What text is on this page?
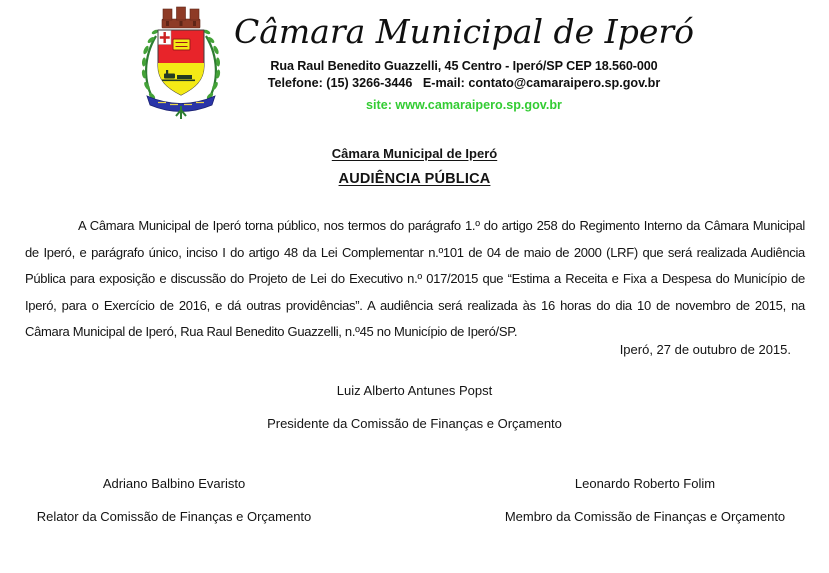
Câmara Municipal de Iperó
Rua Raul Benedito Guazzelli, 45 Centro - Iperó/SP CEP 18.560-000
Telefone: (15) 3266-3446   E-mail: contato@camaraipero.sp.gov.br
site: www.camaraipero.sp.gov.br
Câmara Municipal de Iperó
AUDIÊNCIA PÚBLICA
A Câmara Municipal de Iperó torna público, nos termos do parágrafo 1.º do artigo 258 do Regimento Interno da Câmara Municipal de Iperó, e parágrafo único, inciso I do artigo 48 da Lei Complementar n.º101 de 04 de maio de 2000 (LRF) que será realizada Audiência Pública para exposição e discussão do Projeto de Lei do Executivo n.º 017/2015 que “Estima a Receita e Fixa a Despesa do Município de Iperó, para o Exercício de 2016, e dá outras providências”. A audiência será realizada às 16 horas do dia 10 de novembro de 2015, na Câmara Municipal de Iperó, Rua Raul Benedito Guazzelli, n.º45 no Município de Iperó/SP.
Iperó, 27 de outubro de 2015.
Luiz Alberto Antunes Popst
Presidente da Comissão de Finanças e Orçamento
Adriano Balbino Evaristo
Relator da Comissão de Finanças e Orçamento
Leonardo Roberto Folim
Membro da Comissão de Finanças e Orçamento
